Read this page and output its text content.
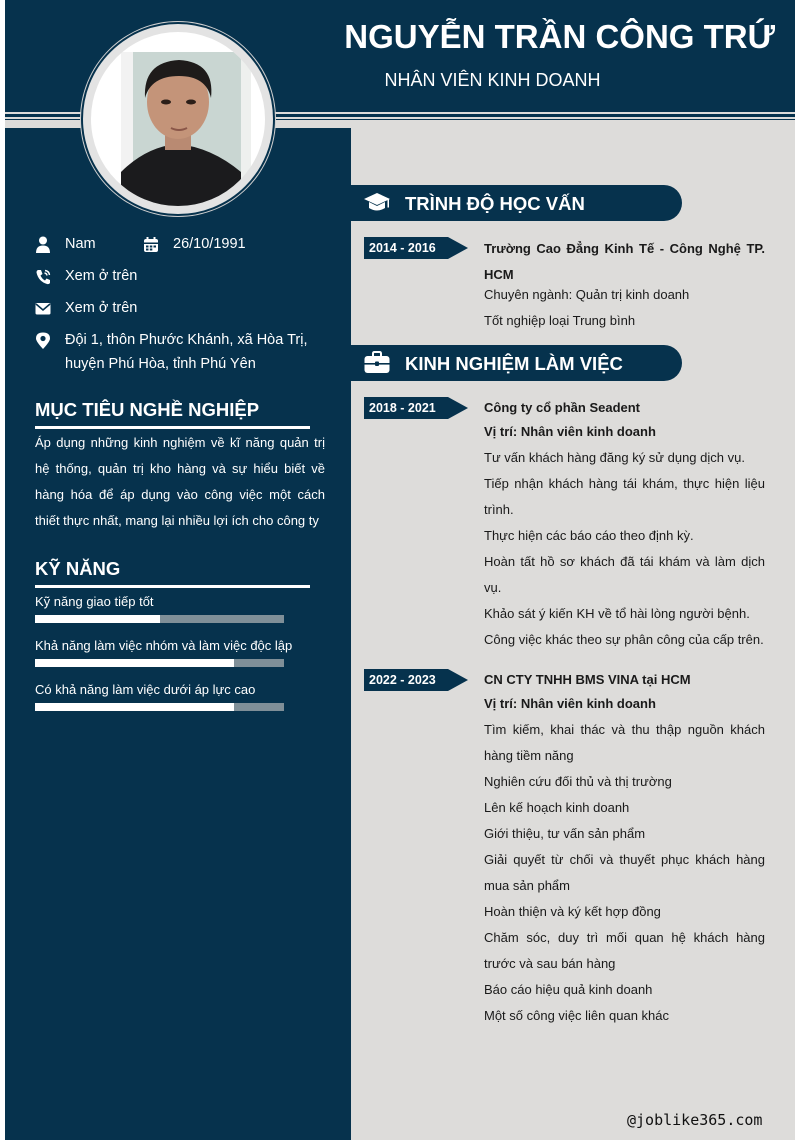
NGUYỄN TRẦN CÔNG TRỨ
NHÂN VIÊN KINH DOANH
Nam	26/10/1991
Xem ở trên
Xem ở trên
Đội 1, thôn Phước Khánh, xã Hòa Trị,
huyện Phú Hòa, tỉnh Phú Yên
MỤC TIÊU NGHỀ NGHIỆP
Áp dụng những kinh nghiệm về kĩ năng quản trị hệ thống, quản trị kho hàng và sự hiểu biết về hàng hóa để áp dụng vào công việc một cách thiết thực nhất, mang lại nhiều lợi ích cho công ty
KỸ NĂNG
Kỹ năng giao tiếp tốt
Khả năng làm việc nhóm và làm việc độc lập
Có khả năng làm việc dưới áp lực cao
TRÌNH ĐỘ HỌC VẤN
2014 - 2016	Trường Cao Đẳng Kinh Tế - Công Nghệ TP. HCM
Chuyên ngành: Quản trị kinh doanh
Tốt nghiệp loại Trung bình
KINH NGHIỆM LÀM VIỆC
2018 - 2021	Công ty cổ phần Seadent
Vị trí: Nhân viên kinh doanh
Tư vấn khách hàng đăng ký sử dụng dịch vụ.
Tiếp nhận khách hàng tái khám, thực hiện liệu trình.
Thực hiện các báo cáo theo định kỳ.
Hoàn tất hồ sơ khách đã tái khám và làm dịch vụ.
Khảo sát ý kiến KH về tổ hài lòng người bệnh.
Công việc khác theo sự phân công của cấp trên.
2022 - 2023	CN CTY TNHH BMS VINA tại HCM
Vị trí: Nhân viên kinh doanh
Tìm kiếm, khai thác và thu thập nguồn khách hàng tiềm năng
Nghiên cứu đối thủ và thị trường
Lên kế hoạch kinh doanh
Giới thiệu, tư vấn sản phẩm
Giải quyết từ chối và thuyết phục khách hàng mua sản phẩm
Hoàn thiện và ký kết hợp đồng
Chăm sóc, duy trì mối quan hệ khách hàng trước và sau bán hàng
Báo cáo hiệu quả kinh doanh
Một số công việc liên quan khác
@joblike365.com
